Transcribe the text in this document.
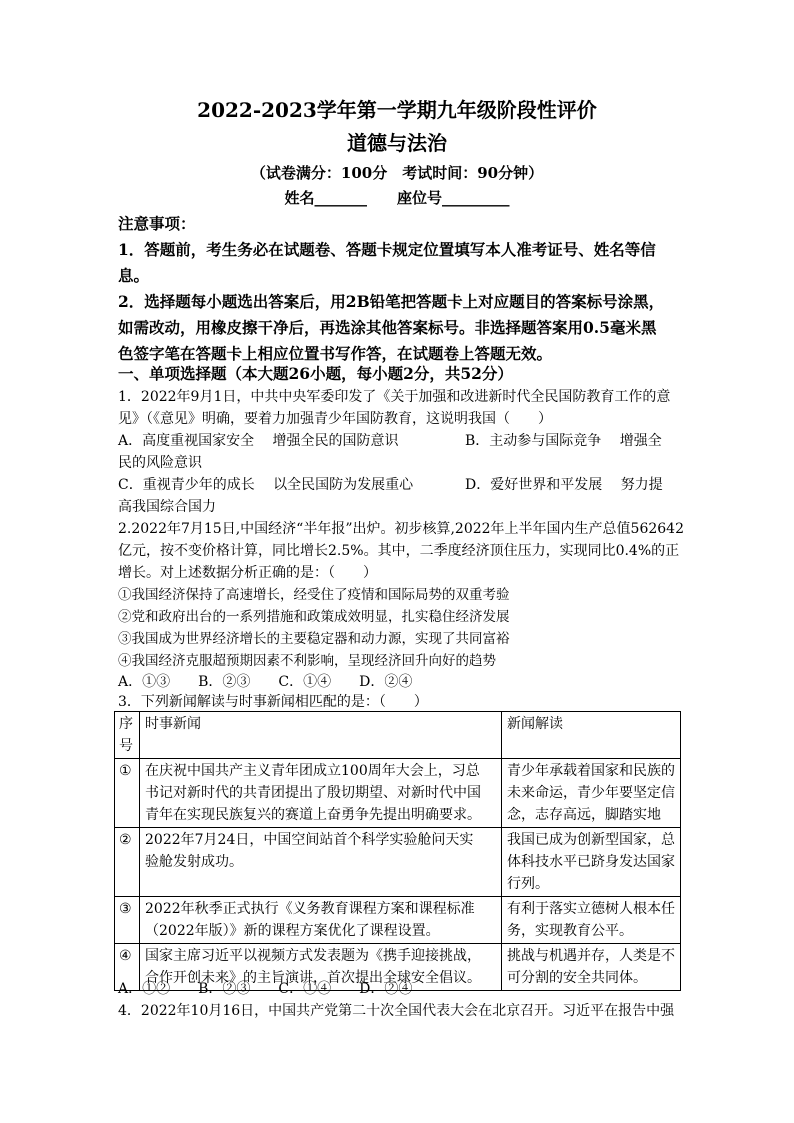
2022-2023学年第一学期九年级阶段性评价
道德与法治
（试卷满分：100分　考试时间：90分钟）
姓名_______　　座位号_________
注意事项：
1．答题前，考生务必在试题卷、答题卡规定位置填写本人准考证号、姓名等信
息。
2．选择题每小题选出答案后，用2B铅笔把答题卡上对应题目的答案标号涂黑，
如需改动，用橡皮擦干净后，再选涂其他答案标号。非选择题答案用0.5毫米黑
色签字笔在答题卡上相应位置书写作答，在试题卷上答题无效。
一、单项选择题（本大题26小题，每小题2分，共52分）
1．2022年9月1日，中共中央军委印发了《关于加强和改进新时代全民国防教育工作的意
见》（《意见》明确，要着力加强青少年国防教育，这说明我国（　　）
A．高度重视国家安全　 增强全民的国防意识	B．主动参与国际竞争　 增强全
民的风险意识
C．重视青少年的成长　 以全民国防为发展重心	D．爱好世界和平发展　 努力提
高我国综合国力
2.2022年7月15日,中国经济“半年报”出炉。初步核算,2022年上半年国内生产总值562642
亿元，按不变价格计算，同比增长2.5%。其中，二季度经济顶住压力，实现同比0.4%的正
增长。对上述数据分析正确的是：（　　）
①我国经济保持了高速增长，经受住了疫情和国际局势的双重考验
②党和政府出台的一系列措施和政策成效明显，扎实稳住经济发展
③我国成为世界经济增长的主要稳定器和动力源，实现了共同富裕
④我国经济克服超预期因素不利影响，呈现经济回升向好的趋势
A．①③　　B．②③　　C．①④　　D．②④
3．下列新闻解读与时事新闻相匹配的是：（　　）
序
号	时事新闻	新闻解读
①	在庆祝中国共产主义青年团成立100周年大会上，习总
书记对新时代的共青团提出了殷切期望、对新时代中国
青年在实现民族复兴的赛道上奋勇争先提出明确要求。	青少年承载着国家和民族的
未来命运，青少年要坚定信
念，志存高远，脚踏实地

②	2022年7月24日，中国空间站首个科学实验舱问天实
验舱发射成功。	我国已成为创新型国家，总
体科技水平已跻身发达国家
行列。

③	2022年秋季正式执行《义务教育课程方案和课程标准
（2022年版）》新的课程方案优化了课程设置。	有利于落实立德树人根本任
务，实现教育公平。

④	国家主席习近平以视频方式发表题为《携手迎接挑战，
合作开创未来》的主旨演讲，首次提出全球安全倡议。	挑战与机遇并存，人类是不
可分割的安全共同体。
A．①②　　B．②③　　C．①④　　D．②④
4．2022年10月16日，中国共产党第二十次全国代表大会在北京召开。习近平在报告中强
